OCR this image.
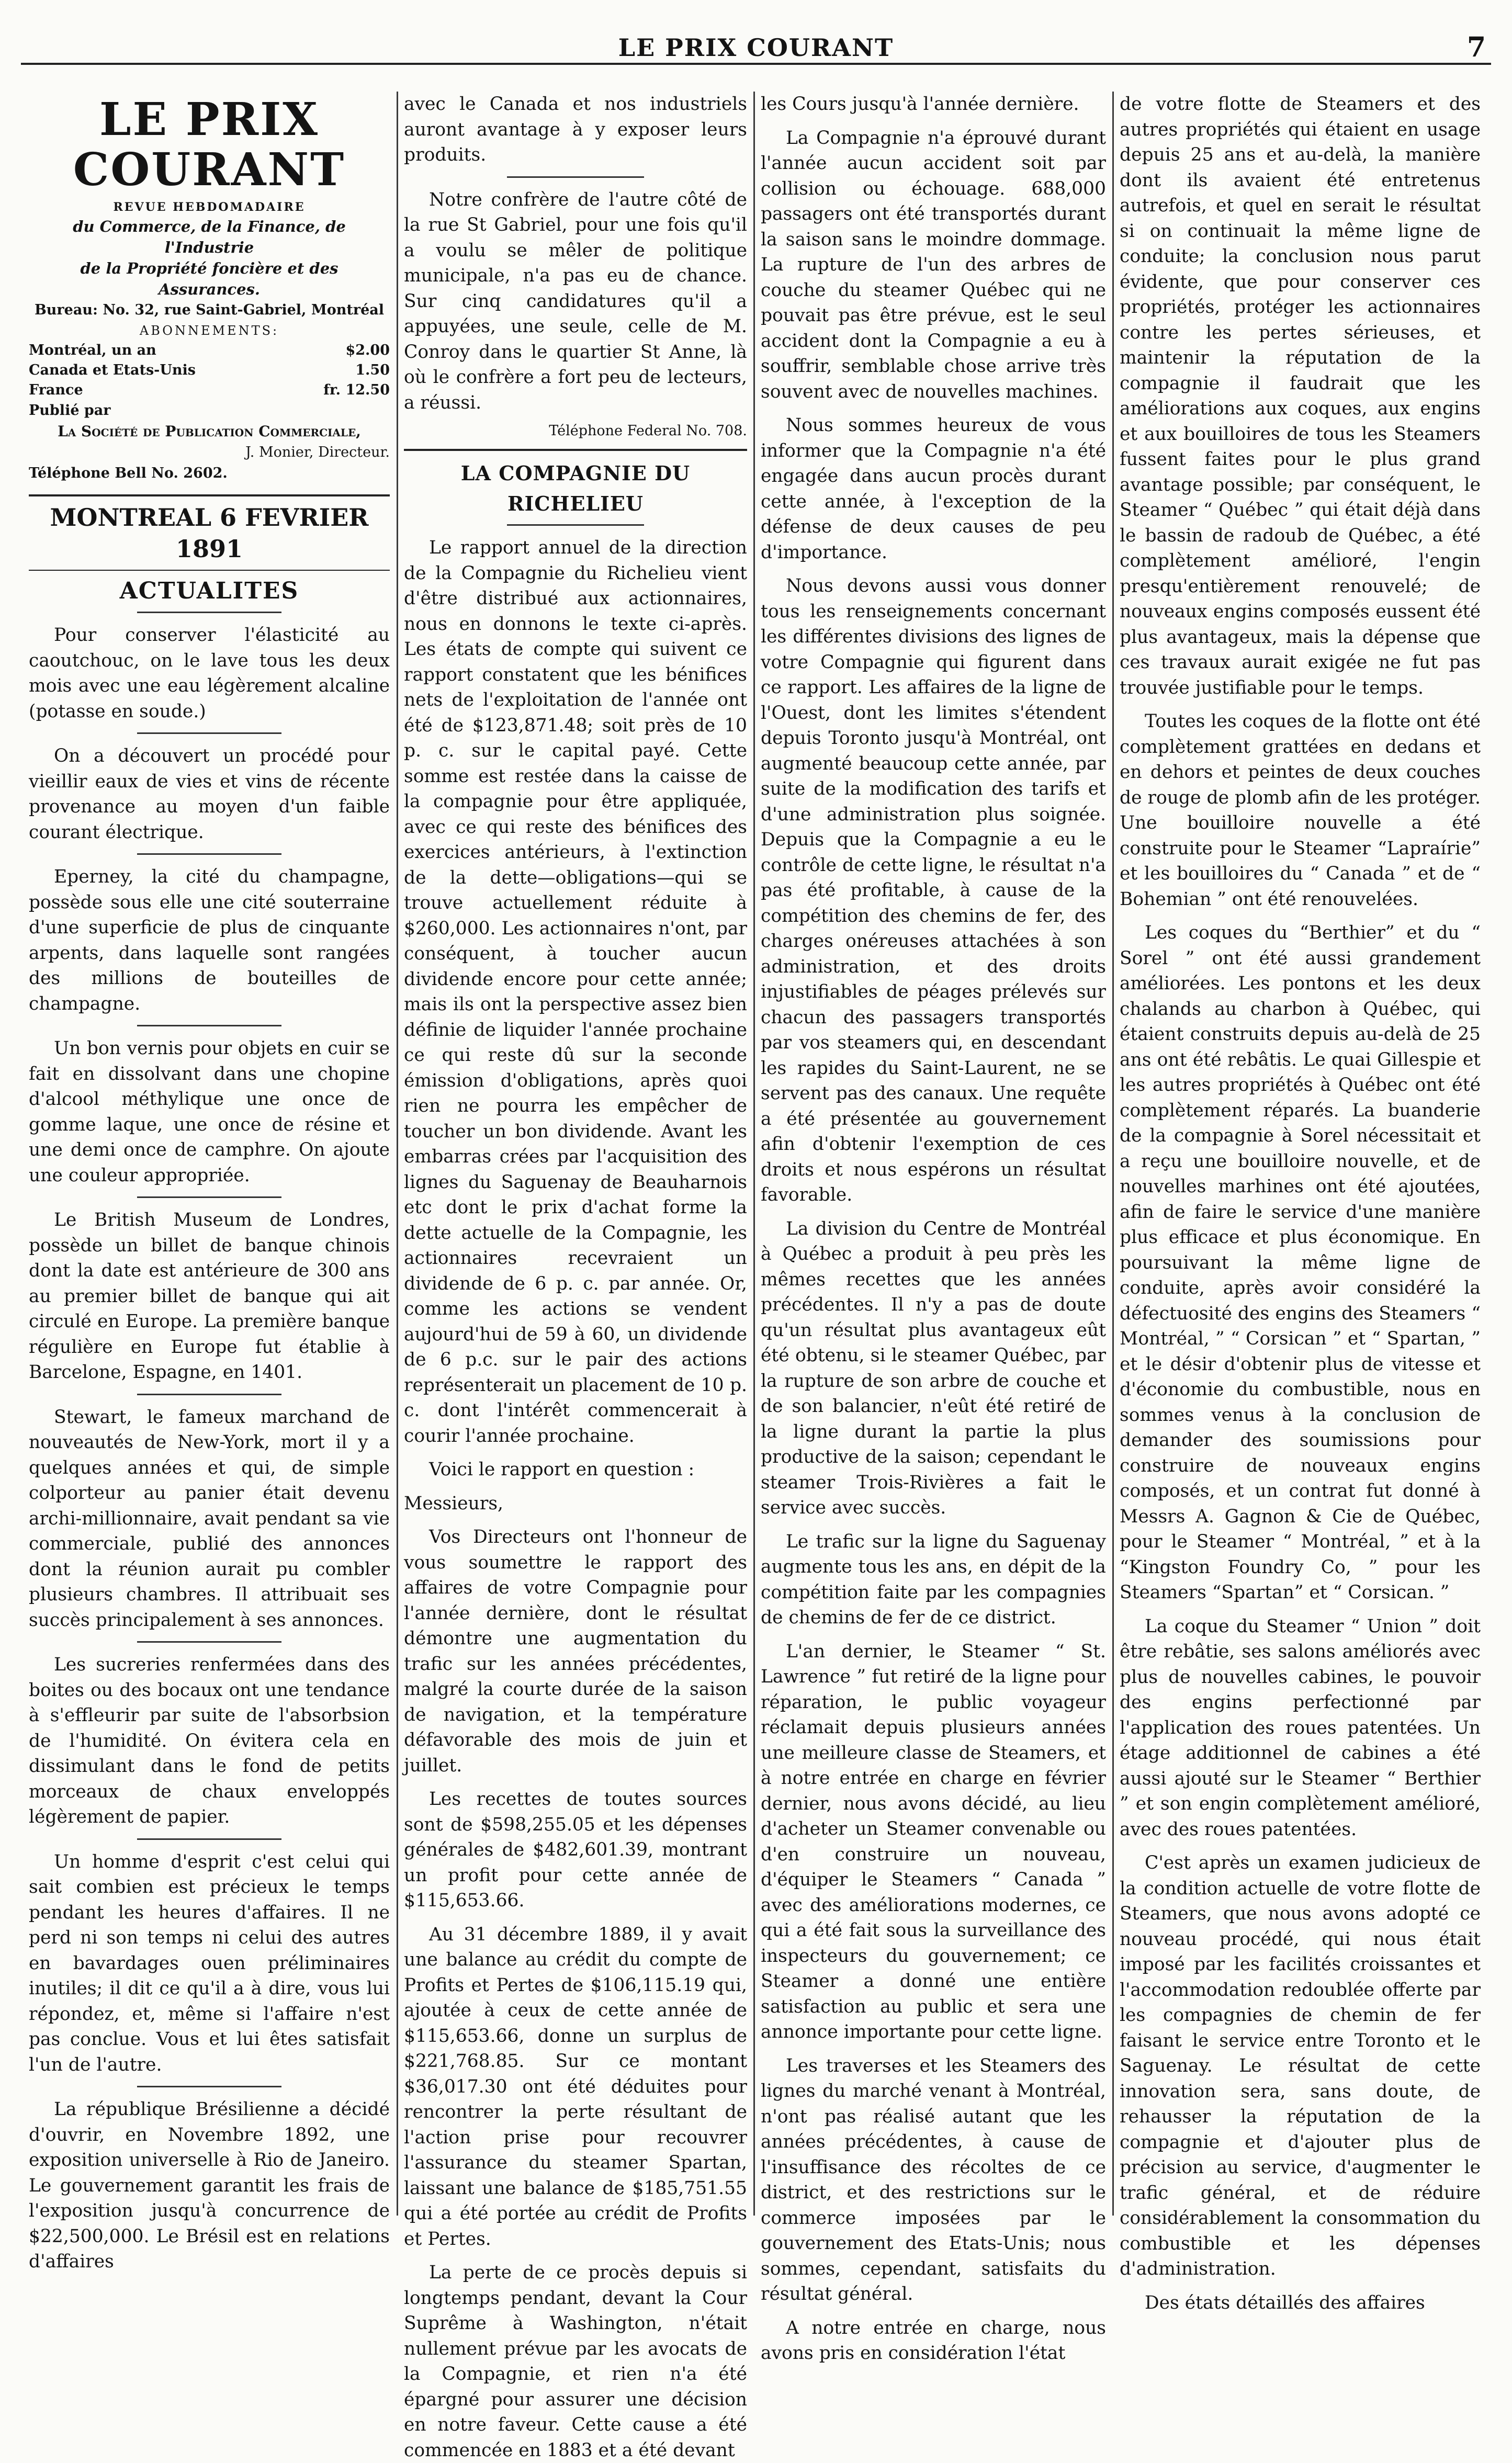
LE PRIX COURANT	7
LE PRIX COURANT
REVUE HEBDOMADAIRE
du Commerce, de la Finance, de l'Industrie
de la Propriété foncière et des Assurances.
Bureau: No. 32, rue Saint-Gabriel, Montréal
ABONNEMENTS:
Montréal, un an	$2.00
Canada et Etats-Unis	1.50
France	fr. 12.50
Publié par
La Société de Publication Commerciale,
J. Monier, Directeur.
Téléphone Bell No. 2602.
MONTREAL 6 FEVRIER 1891
ACTUALITES

Pour conserver l'élasticité au caoutchouc, on le lave tous les deux mois avec une eau légèrement alcaline (potasse en soude.)

On a découvert un procédé pour vieillir eaux de vies et vins de récente provenance au moyen d'un faible courant électrique.

Eperney, la cité du champagne, possède sous elle une cité souterraine d'une superficie de plus de cinquante arpents, dans laquelle sont rangées des millions de bouteilles de champagne.

Un bon vernis pour objets en cuir se fait en dissolvant dans une chopine d'alcool méthylique une once de gomme laque, une once de résine et une demi once de camphre. On ajoute une couleur appropriée.

Le British Museum de Londres, possède un billet de banque chinois dont la date est antérieure de 300 ans au premier billet de banque qui ait circulé en Europe. La première banque régulière en Europe fut établie à Barcelone, Espagne, en 1401.

Stewart, le fameux marchand de nouveautés de New-York, mort il y a quelques années et qui, de simple colporteur au panier était devenu archi-millionnaire, avait pendant sa vie commerciale, publié des annonces dont la réunion aurait pu combler plusieurs chambres. Il attribuait ses succès principalement à ses annonces.

Les sucreries renfermées dans des boites ou des bocaux ont une tendance à s'effleurir par suite de l'absorbsion de l'humidité. On évitera cela en dissimulant dans le fond de petits morceaux de chaux enveloppés légèrement de papier.

Un homme d'esprit c'est celui qui sait combien est précieux le temps pendant les heures d'affaires. Il ne perd ni son temps ni celui des autres en bavardages ouen préliminaires inutiles; il dit ce qu'il a à dire, vous lui répondez, et, même si l'affaire n'est pas conclue. Vous et lui êtes satisfait l'un de l'autre.

La république Brésilienne a décidé d'ouvrir, en Novembre 1892, une exposition universelle à Rio de Janeiro. Le gouvernement garantit les frais de l'exposition jusqu'à concurrence de $22,500,000. Le Brésil est en relations d'affaires

avec le Canada et nos industriels auront avantage à y exposer leurs produits.

Notre confrère de l'autre côté de la rue St Gabriel, pour une fois qu'il a voulu se mêler de politique municipale, n'a pas eu de chance. Sur cinq candidatures qu'il a appuyées, une seule, celle de M. Conroy dans le quartier St Anne, là où le confrère a fort peu de lecteurs, a réussi.

Téléphone Federal No. 708.
LA COMPAGNIE DU RICHELIEU

Le rapport annuel de la direction de la Compagnie du Richelieu vient d'être distribué aux actionnaires, nous en donnons le texte ci-après. Les états de compte qui suivent ce rapport constatent que les bénifices nets de l'exploitation de l'année ont été de $123,871.48; soit près de 10 p. c. sur le capital payé. Cette somme est restée dans la caisse de la compagnie pour être appliquée, avec ce qui reste des bénifices des exercices antérieurs, à l'extinction de la dette—obligations—qui se trouve actuellement réduite à $260,000. Les actionnaires n'ont, par conséquent, à toucher aucun dividende encore pour cette année; mais ils ont la perspective assez bien définie de liquider l'année prochaine ce qui reste dû sur la seconde émission d'obligations, après quoi rien ne pourra les empêcher de toucher un bon dividende. Avant les embarras crées par l'acquisition des lignes du Saguenay de Beauharnois etc dont le prix d'achat forme la dette actuelle de la Compagnie, les actionnaires recevraient un dividende de 6 p. c. par année. Or, comme les actions se vendent aujourd'hui de 59 à 60, un dividende de 6 p.c. sur le pair des actions représenterait un placement de 10 p. c. dont l'intérêt commencerait à courir l'année prochaine.

Voici le rapport en question :

Messieurs,

Vos Directeurs ont l'honneur de vous soumettre le rapport des affaires de votre Compagnie pour l'année dernière, dont le résultat démontre une augmentation du trafic sur les années précédentes, malgré la courte durée de la saison de navigation, et la température défavorable des mois de juin et juillet.

Les recettes de toutes sources sont de $598,255.05 et les dépenses générales de $482,601.39, montrant un profit pour cette année de $115,653.66.

Au 31 décembre 1889, il y avait une balance au crédit du compte de Profits et Pertes de $106,115.19 qui, ajoutée à ceux de cette année de $115,653.66, donne un surplus de $221,768.85. Sur ce montant $36,017.30 ont été déduites pour rencontrer la perte résultant de l'action prise pour recouvrer l'assurance du steamer Spartan, laissant une balance de $185,751.55 qui a été portée au crédit de Profits et Pertes.

La perte de ce procès depuis si longtemps pendant, devant la Cour Suprême à Washington, n'était nullement prévue par les avocats de la Compagnie, et rien n'a été épargné pour assurer une décision en notre faveur. Cette cause a été commencée en 1883 et a été devant

les Cours jusqu'à l'année dernière.

La Compagnie n'a éprouvé durant l'année aucun accident soit par collision ou échouage. 688,000 passagers ont été transportés durant la saison sans le moindre dommage. La rupture de l'un des arbres de couche du steamer Québec qui ne pouvait pas être prévue, est le seul accident dont la Compagnie a eu à souffrir, semblable chose arrive très souvent avec de nouvelles machines.

Nous sommes heureux de vous informer que la Compagnie n'a été engagée dans aucun procès durant cette année, à l'exception de la défense de deux causes de peu d'importance.

Nous devons aussi vous donner tous les renseignements concernant les différentes divisions des lignes de votre Compagnie qui figurent dans ce rapport. Les affaires de la ligne de l'Ouest, dont les limites s'étendent depuis Toronto jusqu'à Montréal, ont augmenté beaucoup cette année, par suite de la modification des tarifs et d'une administration plus soignée. Depuis que la Compagnie a eu le contrôle de cette ligne, le résultat n'a pas été profitable, à cause de la compétition des chemins de fer, des charges onéreuses attachées à son administration, et des droits injustifiables de péages prélevés sur chacun des passagers transportés par vos steamers qui, en descendant les rapides du Saint-Laurent, ne se servent pas des canaux. Une requête a été présentée au gouvernement afin d'obtenir l'exemption de ces droits et nous espérons un résultat favorable.

La division du Centre de Montréal à Québec a produit à peu près les mêmes recettes que les années précédentes. Il n'y a pas de doute qu'un résultat plus avantageux eût été obtenu, si le steamer Québec, par la rupture de son arbre de couche et de son balancier, n'eût été retiré de la ligne durant la partie la plus productive de la saison; cependant le steamer Trois-Rivières a fait le service avec succès.

Le trafic sur la ligne du Saguenay augmente tous les ans, en dépit de la compétition faite par les compagnies de chemins de fer de ce district.

L'an dernier, le Steamer “ St. Lawrence ” fut retiré de la ligne pour réparation, le public voyageur réclamait depuis plusieurs années une meilleure classe de Steamers, et à notre entrée en charge en février dernier, nous avons décidé, au lieu d'acheter un Steamer convenable ou d'en construire un nouveau, d'équiper le Steamers “ Canada ” avec des améliorations modernes, ce qui a été fait sous la surveillance des inspecteurs du gouvernement; ce Steamer a donné une entière satisfaction au public et sera une annonce importante pour cette ligne.

Les traverses et les Steamers des lignes du marché venant à Montréal, n'ont pas réalisé autant que les années précédentes, à cause de l'insuffisance des récoltes de ce district, et des restrictions sur le commerce imposées par le gouvernement des Etats-Unis; nous sommes, cependant, satisfaits du résultat général.

A notre entrée en charge, nous avons pris en considération l'état

de votre flotte de Steamers et des autres propriétés qui étaient en usage depuis 25 ans et au-delà, la manière dont ils avaient été entretenus autrefois, et quel en serait le résultat si on continuait la même ligne de conduite; la conclusion nous parut évidente, que pour conserver ces propriétés, protéger les actionnaires contre les pertes sérieuses, et maintenir la réputation de la compagnie il faudrait que les améliorations aux coques, aux engins et aux bouilloires de tous les Steamers fussent faites pour le plus grand avantage possible; par conséquent, le Steamer “ Québec ” qui était déjà dans le bassin de radoub de Québec, a été complètement amélioré, l'engin presqu'entièrement renouvelé; de nouveaux engins composés eussent été plus avantageux, mais la dépense que ces travaux aurait exigée ne fut pas trouvée justifiable pour le temps.

Toutes les coques de la flotte ont été complètement grattées en dedans et en dehors et peintes de deux couches de rouge de plomb afin de les protéger. Une bouilloire nouvelle a été construite pour le Steamer “Lapraírie” et les bouilloires du “ Canada ” et de “ Bohemian ” ont été renouvelées.

Les coques du “Berthier” et du “ Sorel ” ont été aussi grandement améliorées. Les pontons et les deux chalands au charbon à Québec, qui étaient construits depuis au-delà de 25 ans ont été rebâtis. Le quai Gillespie et les autres propriétés à Québec ont été complètement réparés. La buanderie de la compagnie à Sorel nécessitait et a reçu une bouilloire nouvelle, et de nouvelles marhines ont été ajoutées, afin de faire le service d'une manière plus efficace et plus économique. En poursuivant la même ligne de conduite, après avoir considéré la défectuosité des engins des Steamers “ Montréal, ” “ Corsican ” et “ Spartan, ” et le désir d'obtenir plus de vitesse et d'économie du combustible, nous en sommes venus à la conclusion de demander des soumissions pour construire de nouveaux engins composés, et un contrat fut donné à Messrs A. Gagnon & Cie de Québec, pour le Steamer “ Montréal, ” et à la “Kingston Foundry Co, ” pour les Steamers “Spartan” et “ Corsican. ”

La coque du Steamer “ Union ” doit être rebâtie, ses salons améliorés avec plus de nouvelles cabines, le pouvoir des engins perfectionné par l'application des roues patentées. Un étage additionnel de cabines a été aussi ajouté sur le Steamer “ Berthier ” et son engin complètement amélioré, avec des roues patentées.

C'est après un examen judicieux de la condition actuelle de votre flotte de Steamers, que nous avons adopté ce nouveau procédé, qui nous était imposé par les facilités croissantes et l'accommodation redoublée offerte par les compagnies de chemin de fer faisant le service entre Toronto et le Saguenay. Le résultat de cette innovation sera, sans doute, de rehausser la réputation de la compagnie et d'ajouter plus de précision au service, d'augmenter le trafic général, et de réduire considérablement la consommation du combustible et les dépenses d'administration.

Des états détaillés des affaires
